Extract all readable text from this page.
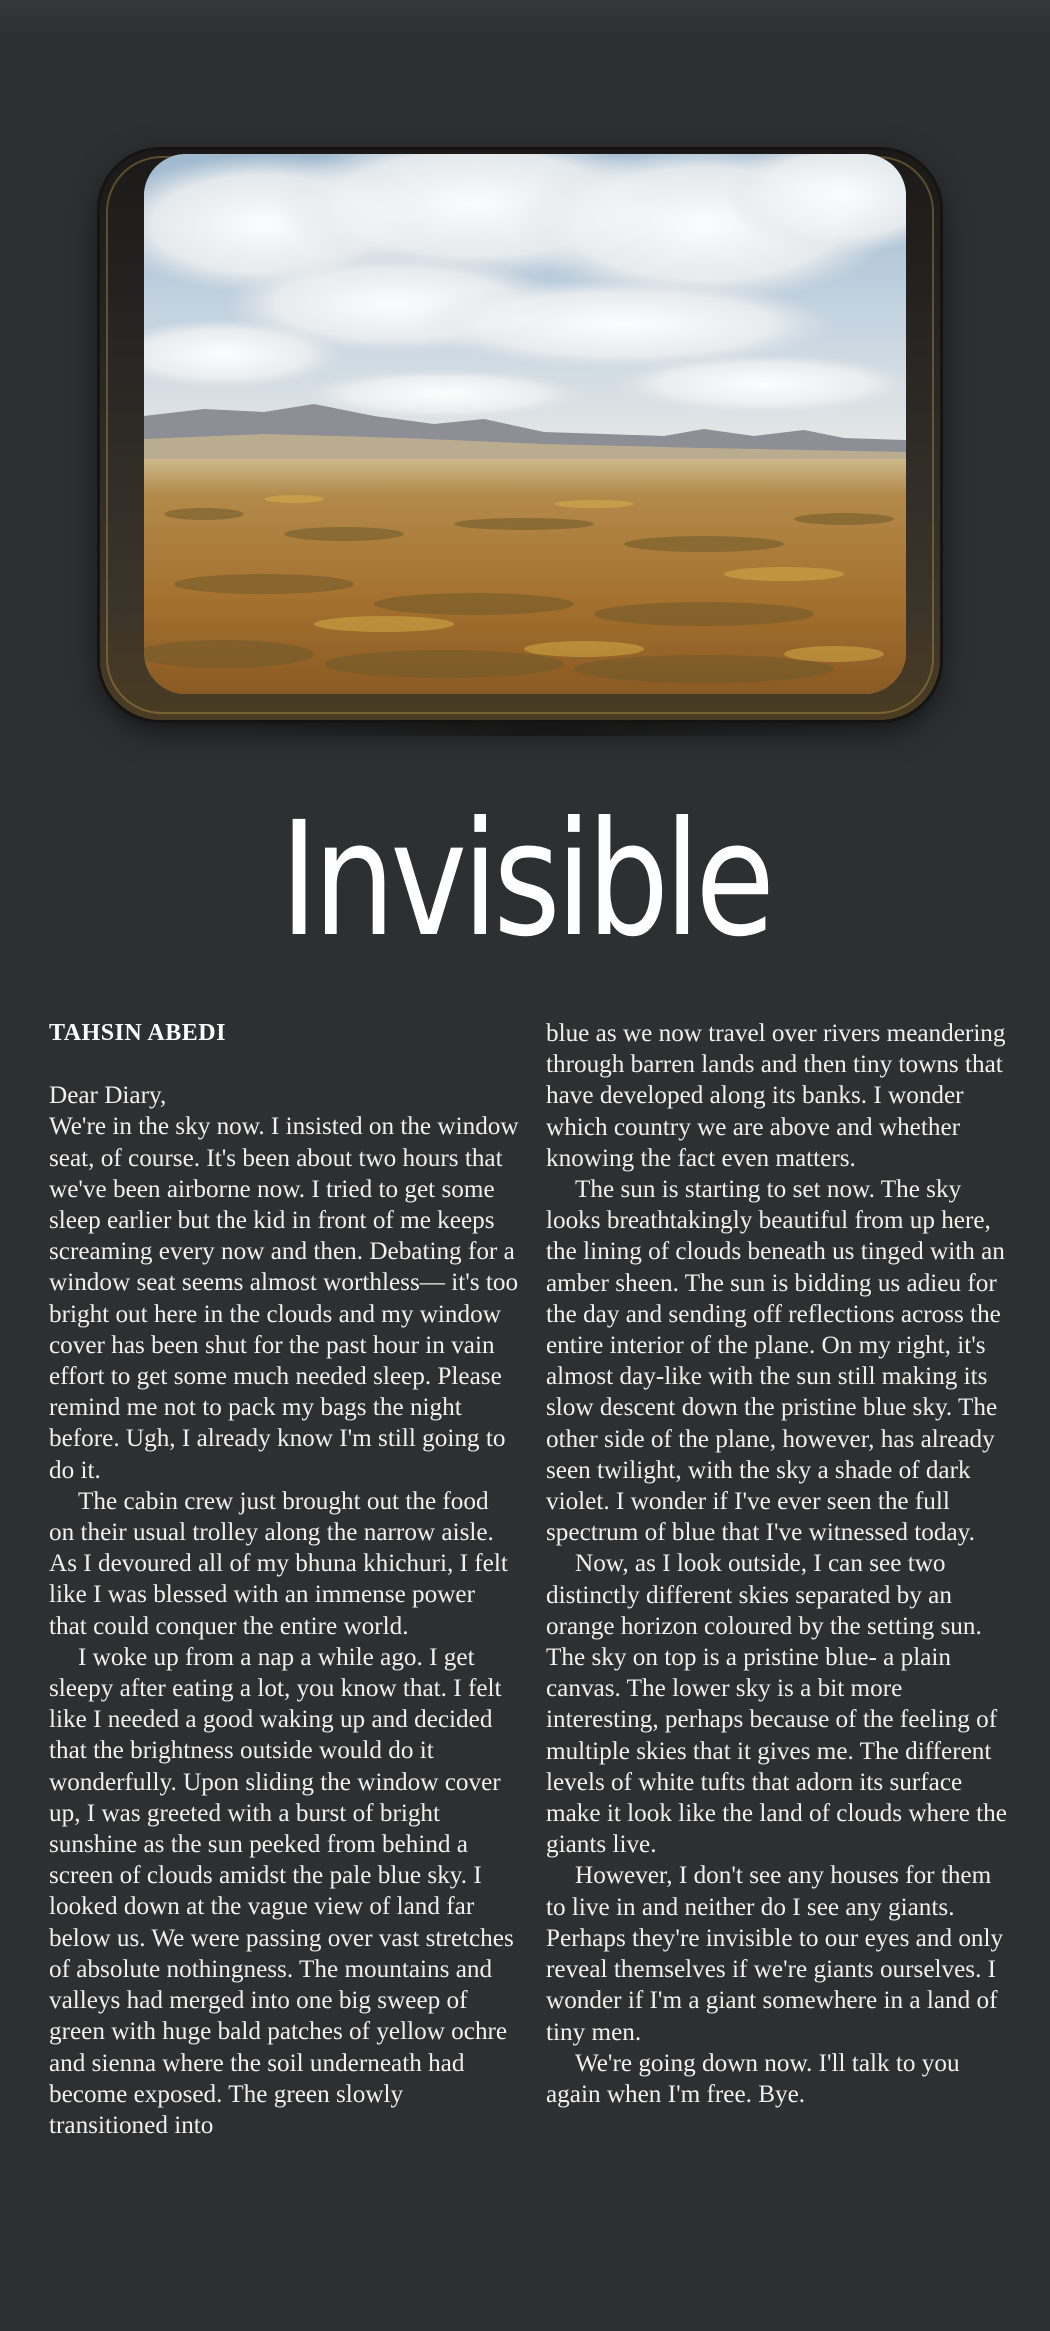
Invisible
TAHSIN ABEDI

Dear Diary,

We're in the sky now. I insisted on the window seat, of course. It's been about two hours that we've been airborne now. I tried to get some sleep earlier but the kid in front of me keeps screaming every now and then. Debating for a window seat seems almost worthless— it's too bright out here in the clouds and my window cover has been shut for the past hour in vain effort to get some much needed sleep. Please remind me not to pack my bags the night before. Ugh, I already know I'm still going to do it.

The cabin crew just brought out the food on their usual trolley along the narrow aisle. As I devoured all of my bhuna khichuri, I felt like I was blessed with an immense power that could conquer the entire world.

I woke up from a nap a while ago. I get sleepy after eating a lot, you know that. I felt like I needed a good waking up and decided that the brightness outside would do it wonderfully. Upon sliding the window cover up, I was greeted with a burst of bright sunshine as the sun peeked from behind a screen of clouds amidst the pale blue sky. I looked down at the vague view of land far below us. We were passing over vast stretches of absolute nothingness. The mountains and valleys had merged into one big sweep of green with huge bald patches of yellow ochre and sienna where the soil underneath had become exposed. The green slowly transitioned into

blue as we now travel over rivers meandering through barren lands and then tiny towns that have developed along its banks. I wonder which country we are above and whether knowing the fact even matters.

The sun is starting to set now. The sky looks breathtakingly beautiful from up here, the lining of clouds beneath us tinged with an amber sheen. The sun is bidding us adieu for the day and sending off reflections across the entire interior of the plane. On my right, it's almost day-like with the sun still making its slow descent down the pristine blue sky. The other side of the plane, however, has already seen twilight, with the sky a shade of dark violet. I wonder if I've ever seen the full spectrum of blue that I've witnessed today.

Now, as I look outside, I can see two distinctly different skies separated by an orange horizon coloured by the setting sun. The sky on top is a pristine blue- a plain canvas. The lower sky is a bit more interesting, perhaps because of the feeling of multiple skies that it gives me. The different levels of white tufts that adorn its surface make it look like the land of clouds where the giants live.

However, I don't see any houses for them to live in and neither do I see any giants. Perhaps they're invisible to our eyes and only reveal themselves if we're giants ourselves. I wonder if I'm a giant somewhere in a land of tiny men.

We're going down now. I'll talk to you again when I'm free. Bye.
